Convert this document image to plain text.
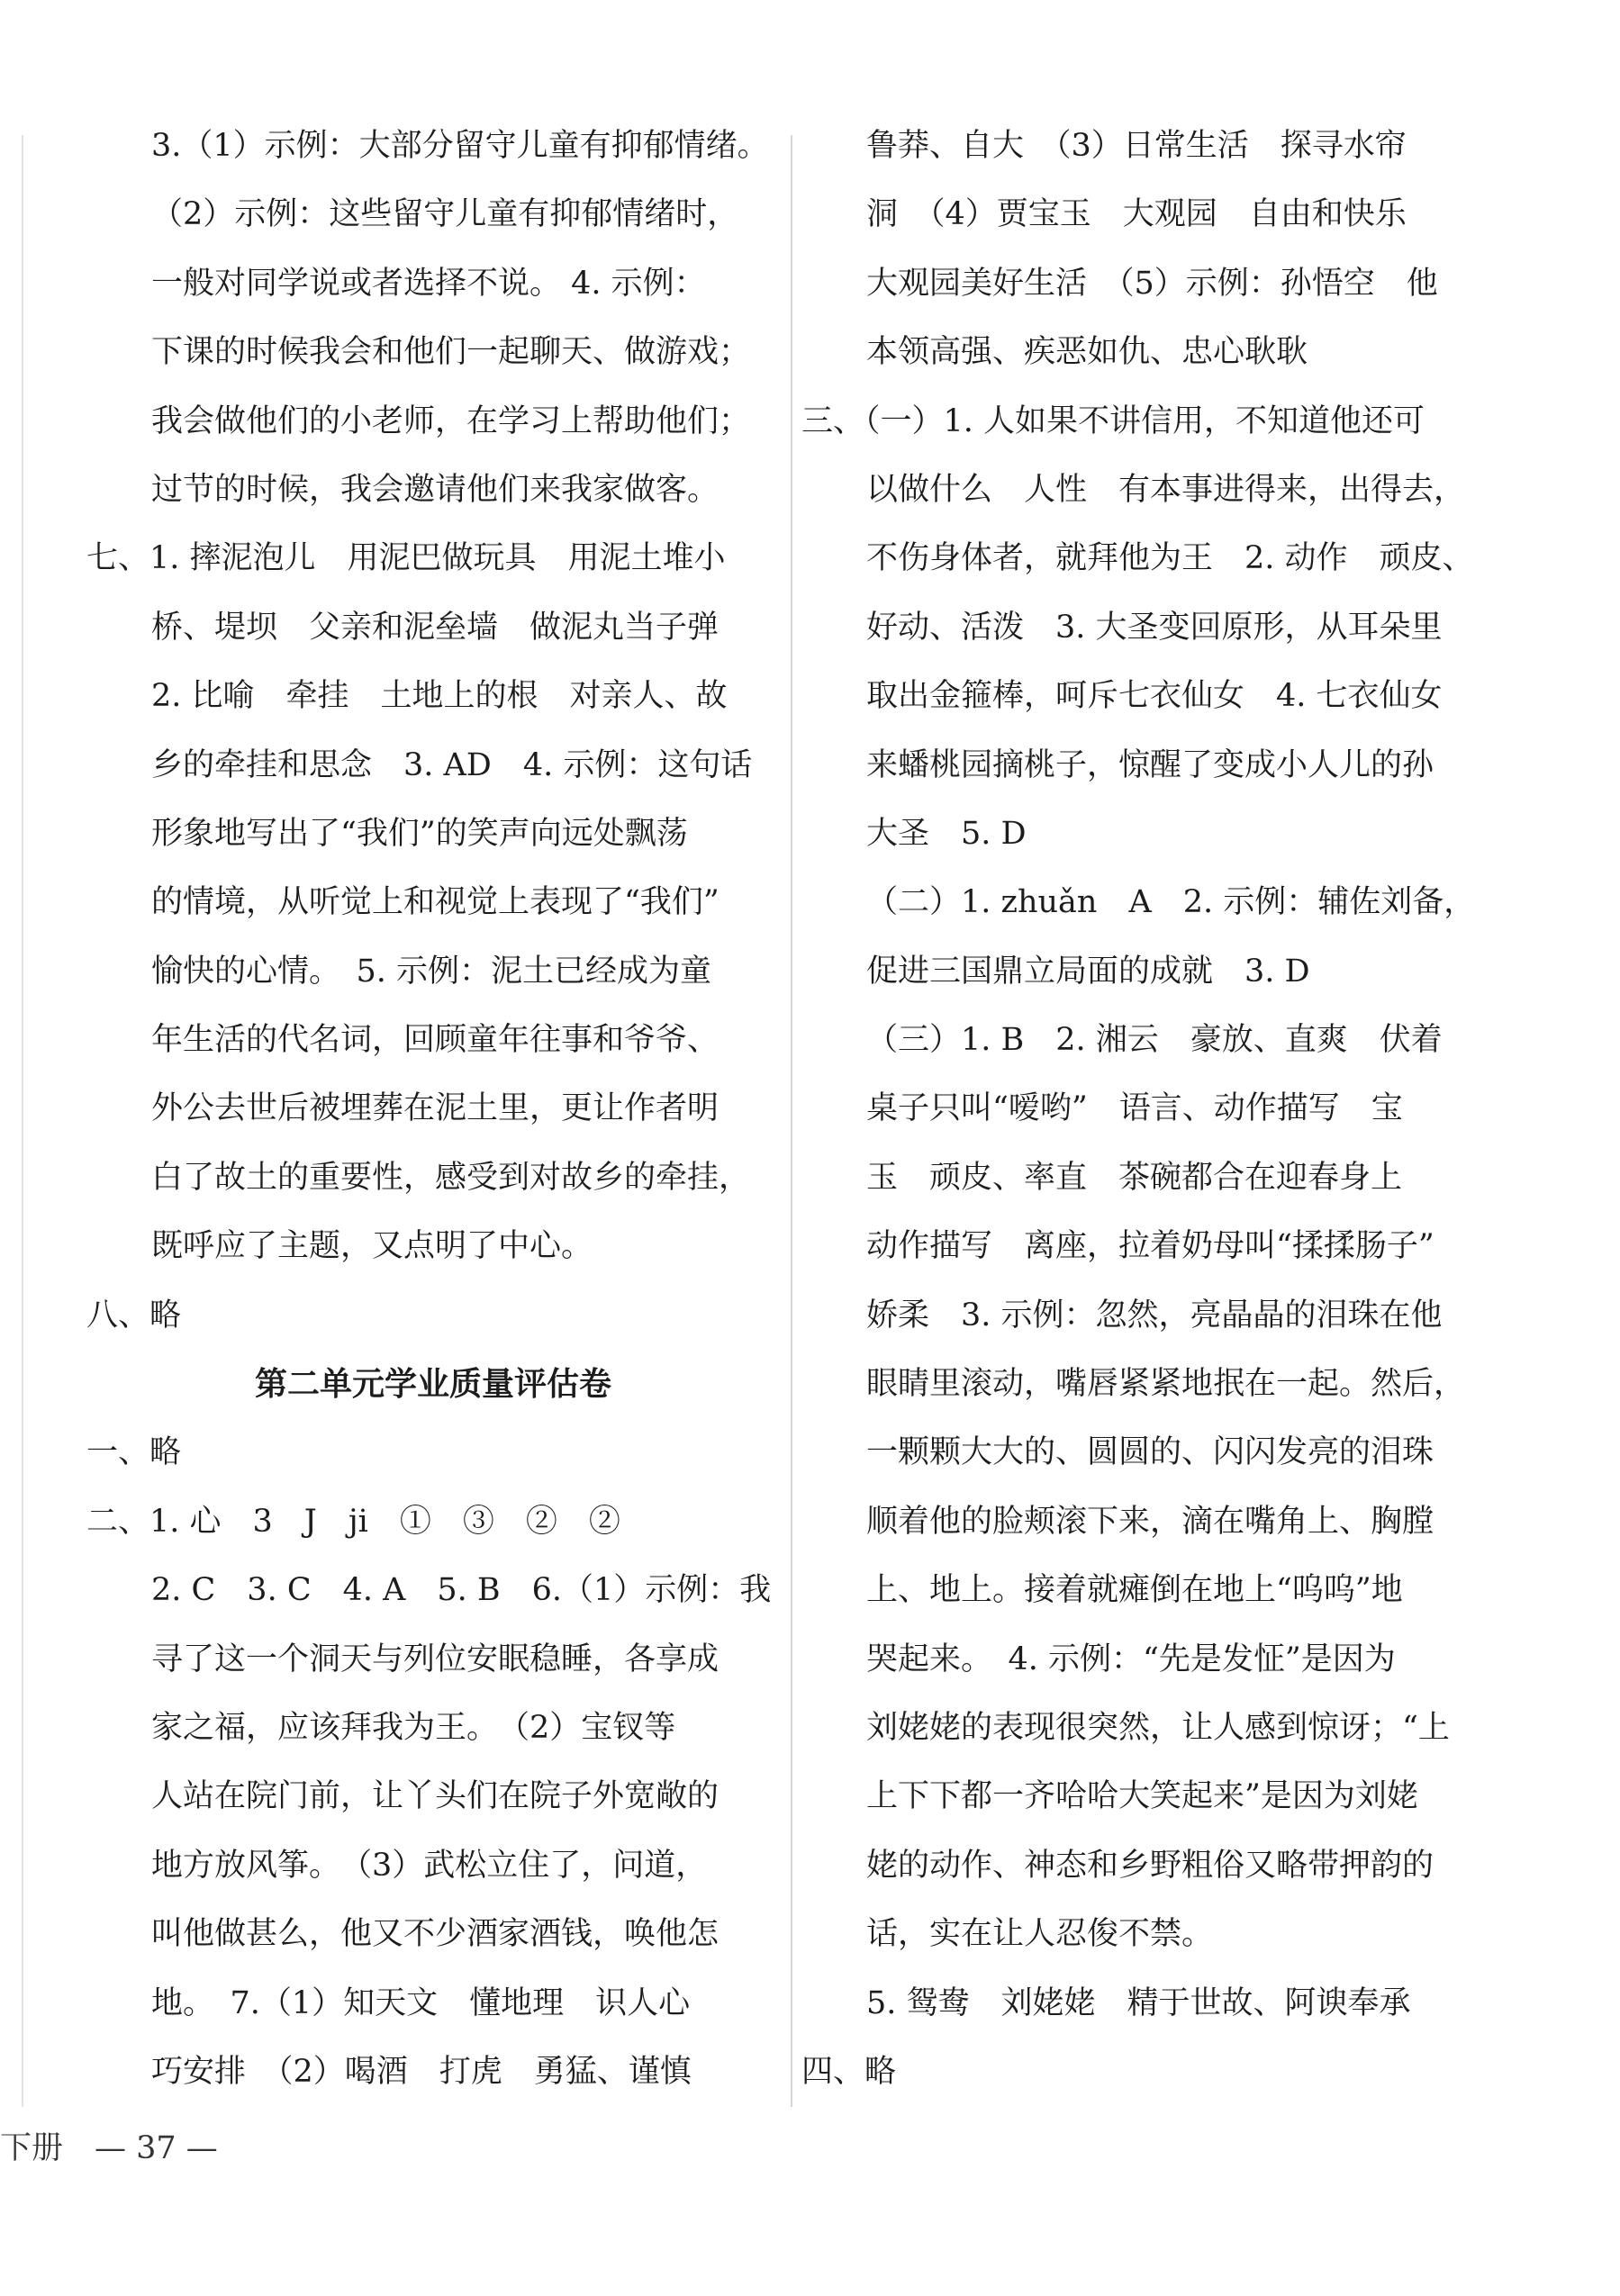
3.（1）示例：大部分留守儿童有抑郁情绪。
（2）示例：这些留守儿童有抑郁情绪时，
一般对同学说或者选择不说。 4. 示例：
下课的时候我会和他们一起聊天、做游戏；
我会做他们的小老师，在学习上帮助他们；
过节的时候，我会邀请他们来我家做客。
七、1. 摔泥泡儿　用泥巴做玩具　用泥土堆小
桥、堤坝　父亲和泥垒墙　做泥丸当子弹
2. 比喻　牵挂　土地上的根　对亲人、故
乡的牵挂和思念　3. AD　4. 示例：这句话
形象地写出了“我们”的笑声向远处飘荡
的情境，从听觉上和视觉上表现了“我们”
愉快的心情。　5. 示例：泥土已经成为童
年生活的代名词，回顾童年往事和爷爷、
外公去世后被埋葬在泥土里，更让作者明
白了故土的重要性，感受到对故乡的牵挂，
既呼应了主题，又点明了中心。
八、略
第二单元学业质量评估卷
一、略
二、1. 心　3　J　ji　①　③　②　②
2. C　3. C　4. A　5. B　6.（1）示例：我
寻了这一个洞天与列位安眠稳睡，各享成
家之福，应该拜我为王。　（2）宝钗等
人站在院门前，让丫头们在院子外宽敞的
地方放风筝。　（3）武松立住了，问道，
叫他做甚么，他又不少酒家酒钱，唤他怎
地。　7.（1）知天文　懂地理　识人心
巧安排　（2）喝酒　打虎　勇猛、谨慎
鲁莽、自大　（3）日常生活　探寻水帘
洞　（4）贾宝玉　大观园　自由和快乐
大观园美好生活　（5）示例：孙悟空　他
本领高强、疾恶如仇、忠心耿耿
三、（一）1. 人如果不讲信用，不知道他还可
以做什么　人性　有本事进得来，出得去，
不伤身体者，就拜他为王　2. 动作　顽皮、
好动、活泼　3. 大圣变回原形，从耳朵里
取出金箍棒，呵斥七衣仙女　4. 七衣仙女
来蟠桃园摘桃子，惊醒了变成小人儿的孙
大圣　5. D
（二）1. zhuǎn　A　2. 示例：辅佐刘备，
促进三国鼎立局面的成就　3. D
（三）1. B　2. 湘云　豪放、直爽　伏着
桌子只叫“嗳哟”　语言、动作描写　宝
玉　顽皮、率直　茶碗都合在迎春身上
动作描写　离座，拉着奶母叫“揉揉肠子”
娇柔　3. 示例：忽然，亮晶晶的泪珠在他
眼睛里滚动，嘴唇紧紧地抿在一起。然后，
一颗颗大大的、圆圆的、闪闪发亮的泪珠
顺着他的脸颊滚下来，滴在嘴角上、胸膛
上、地上。接着就瘫倒在地上“呜呜”地
哭起来。　4. 示例：“先是发怔”是因为
刘姥姥的表现很突然，让人感到惊讶；“上
上下下都一齐哈哈大笑起来”是因为刘姥
姥的动作、神态和乡野粗俗又略带押韵的
话，实在让人忍俊不禁。
5. 鸳鸯　刘姥姥　精于世故、阿谀奉承
四、略
下册　— 37 —
